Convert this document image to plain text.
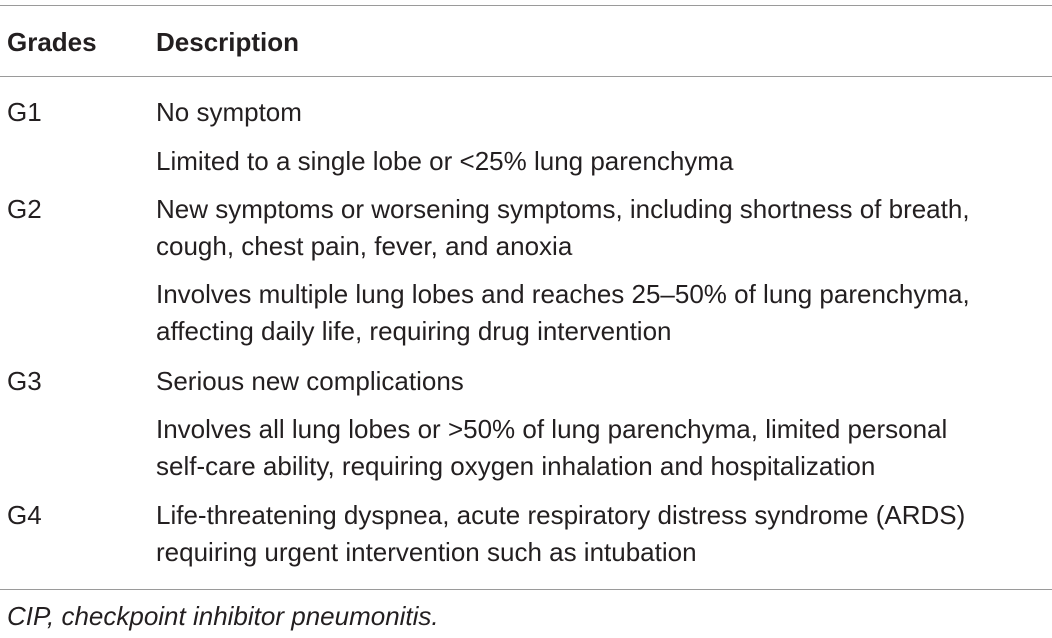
Grades Description
G1	No symptom
Limited to a single lobe or <25% lung parenchyma
G2	New symptoms or worsening symptoms, including shortness of breath,
cough, chest pain, fever, and anoxia
Involves multiple lung lobes and reaches 25–50% of lung parenchyma,
affecting daily life, requiring drug intervention
G3	Serious new complications
Involves all lung lobes or >50% of lung parenchyma, limited personal
self-care ability, requiring oxygen inhalation and hospitalization
G4	Life-threatening dyspnea, acute respiratory distress syndrome (ARDS)
requiring urgent intervention such as intubation
CIP, checkpoint inhibitor pneumonitis.
